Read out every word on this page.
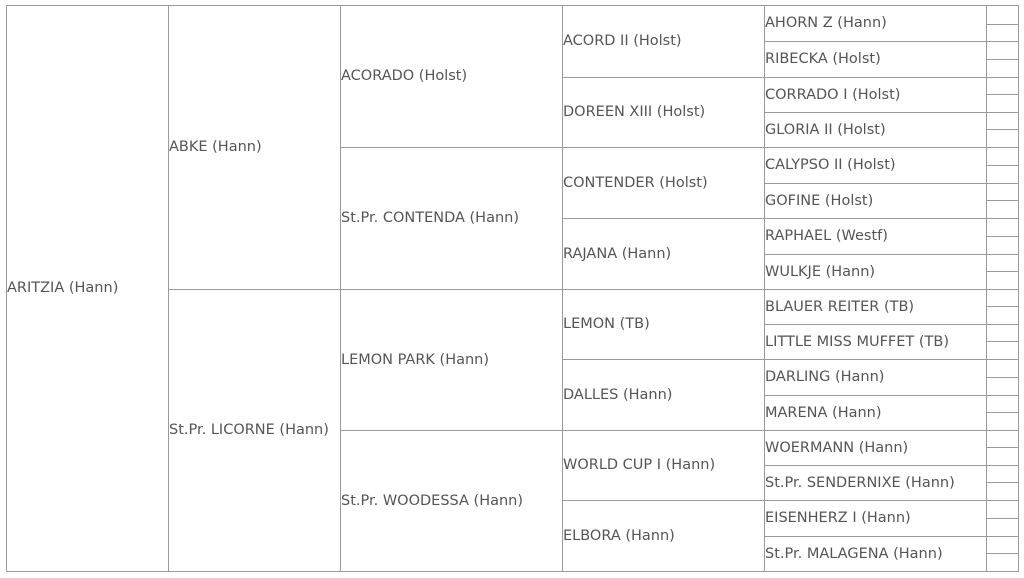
ARITZIA (Hann)
ABKE (Hann)
St.Pr. LICORNE (Hann)
ACORADO (Holst)
St.Pr. CONTENDA (Hann)
LEMON PARK (Hann)
St.Pr. WOODESSA (Hann)
ACORD II (Holst)
DOREEN XIII (Holst)
CONTENDER (Holst)
RAJANA (Hann)
LEMON (TB)
DALLES (Hann)
WORLD CUP I (Hann)
ELBORA (Hann)
AHORN Z (Hann)
RIBECKA (Holst)
CORRADO I (Holst)
GLORIA II (Holst)
CALYPSO II (Holst)
GOFINE (Holst)
RAPHAEL (Westf)
WULKJE (Hann)
BLAUER REITER (TB)
LITTLE MISS MUFFET (TB)
DARLING (Hann)
MARENA (Hann)
WOERMANN (Hann)
St.Pr. SENDERNIXE (Hann)
EISENHERZ I (Hann)
St.Pr. MALAGENA (Hann)
